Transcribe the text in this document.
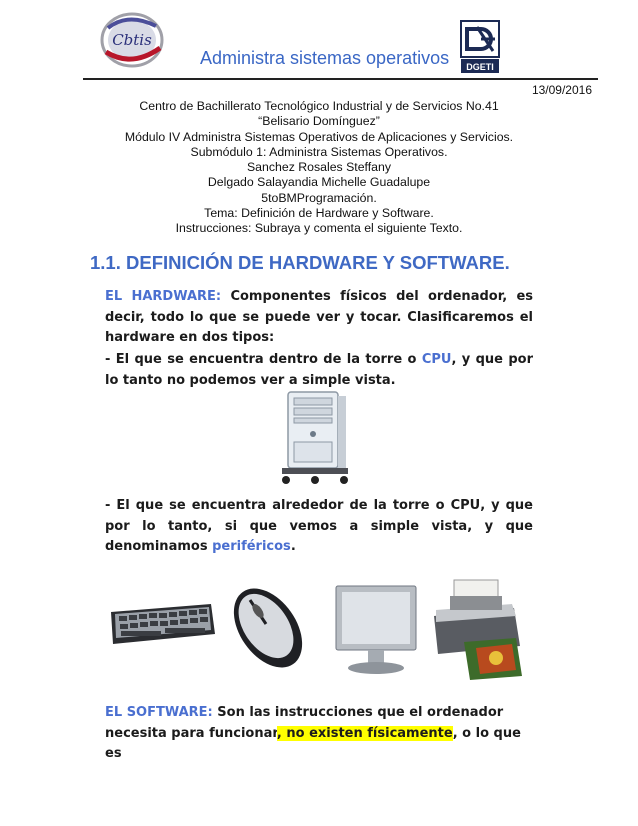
Cbtis
Administra sistemas operativos DGETI
13/09/2016
Centro de Bachillerato Tecnológico Industrial y de Servicios No.41
“Belisario Domínguez”
Módulo IV Administra Sistemas Operativos de Aplicaciones y Servicios.
Submódulo 1: Administra Sistemas Operativos.
Sanchez Rosales Steffany
Delgado Salayandia Michelle Guadalupe
5toBMProgramación.
Tema: Definición de Hardware y Software.
Instrucciones: Subraya y comenta el siguiente Texto.
1.1. DEFINICIÓN DE HARDWARE Y SOFTWARE.
EL HARDWARE: Componentes físicos del ordenador, es decir, todo lo que se puede ver y tocar. Clasificaremos el hardware en dos tipos:
- El que se encuentra dentro de la torre o CPU, y que por lo tanto no podemos ver a simple vista.
- El que se encuentra alrededor de la torre o CPU, y que por lo tanto, si que vemos a simple vista, y que denominamos periféricos.
EL SOFTWARE: Son las instrucciones que el ordenador necesita para funcionar, no existen físicamente, o lo que es
